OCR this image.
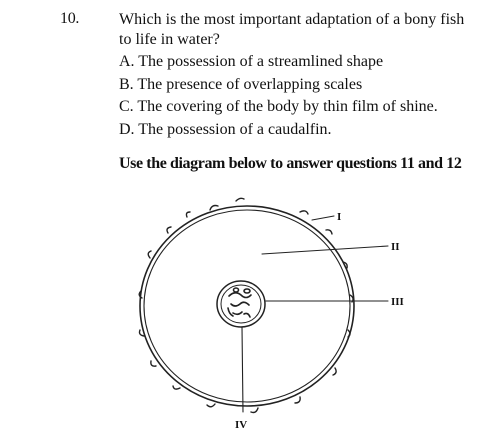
10. Which is the most important adaptation of a bony fish
to life in water?
A. The possession of a streamlined shape
B. The presence of overlapping scales
C. The covering of the body by thin film of shine.
D. The possession of a caudalfin.
Use the diagram below to answer questions 11 and 12
I
II
III
IV
